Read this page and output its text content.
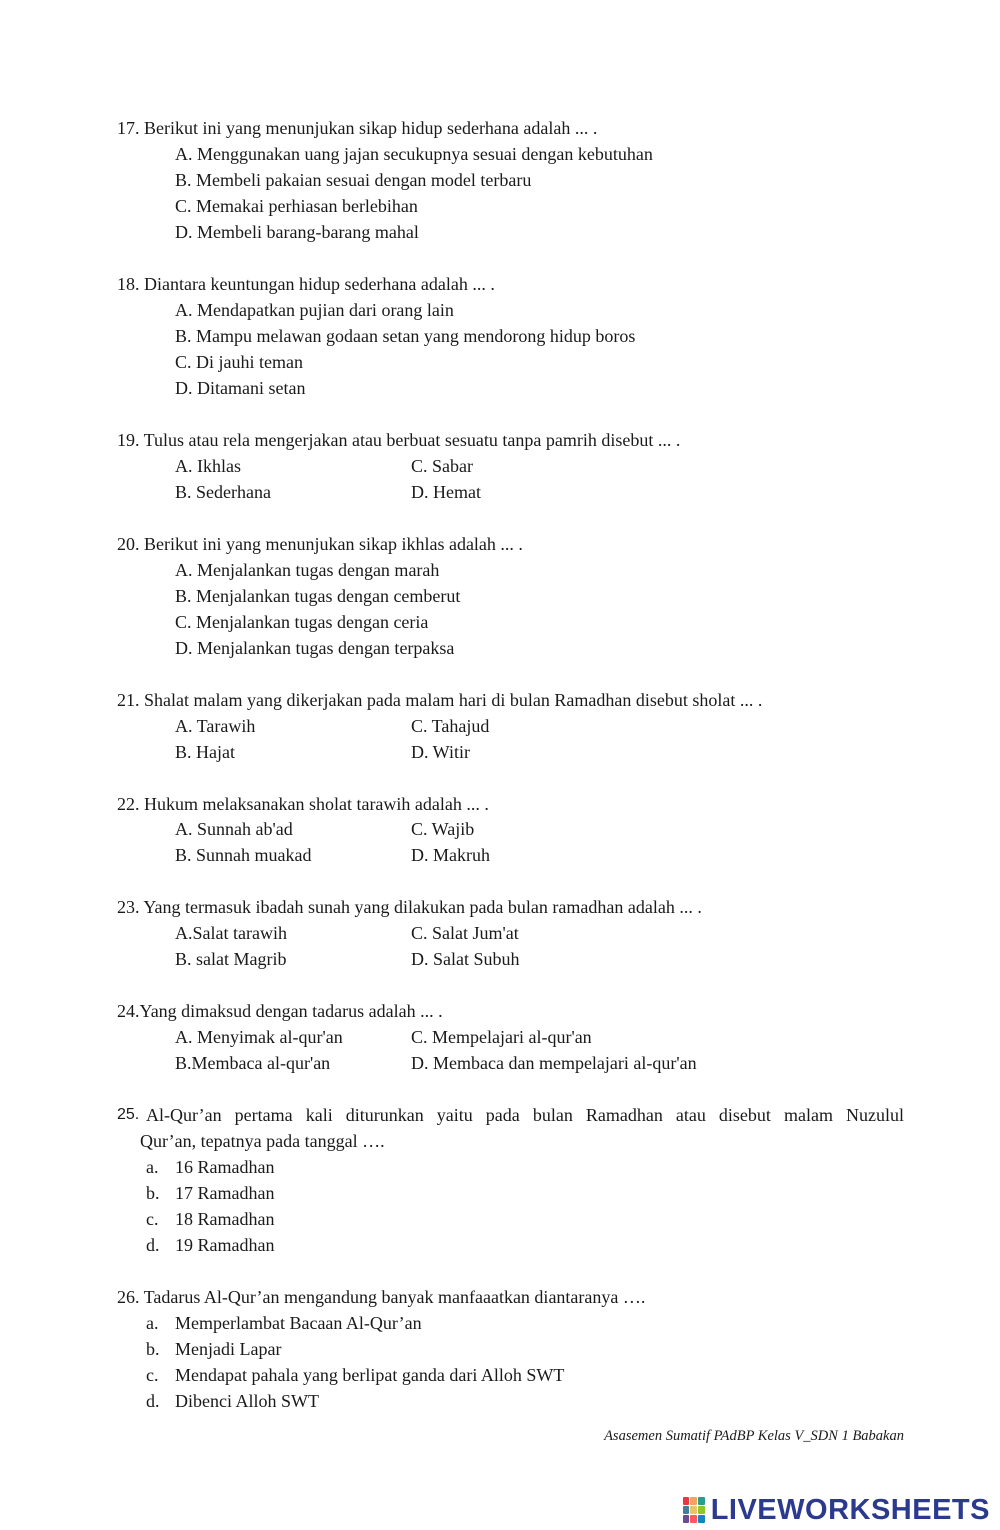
17. Berikut ini yang menunjukan sikap hidup sederhana adalah ... .
A. Menggunakan uang jajan secukupnya sesuai dengan kebutuhan
B. Membeli pakaian sesuai dengan model terbaru
C. Memakai perhiasan berlebihan
D. Membeli barang-barang mahal
18. Diantara keuntungan hidup sederhana adalah ... .
A. Mendapatkan pujian dari orang lain
B. Mampu melawan godaan setan yang mendorong hidup boros
C. Di jauhi teman
D. Ditamani setan
19. Tulus atau rela mengerjakan atau berbuat sesuatu tanpa pamrih disebut ... .
A. Ikhlas	C. Sabar
B. Sederhana	D. Hemat
20. Berikut ini yang menunjukan sikap ikhlas adalah ... .
A. Menjalankan tugas dengan marah
B. Menjalankan tugas dengan cemberut
C. Menjalankan tugas dengan ceria
D. Menjalankan tugas dengan terpaksa
21. Shalat malam yang dikerjakan pada malam hari di bulan Ramadhan disebut sholat ... .
A. Tarawih	C. Tahajud
B. Hajat	D. Witir
22. Hukum melaksanakan sholat tarawih adalah ... .
A. Sunnah ab'ad	C. Wajib
B. Sunnah muakad	D. Makruh
23. Yang termasuk ibadah sunah yang dilakukan pada bulan ramadhan adalah ... .
A.Salat tarawih	C. Salat Jum'at
B. salat Magrib	D. Salat Subuh
24.Yang dimaksud dengan tadarus adalah ... .
A. Menyimak al-qur'an	C. Mempelajari al-qur'an
B.Membaca al-qur'an	D. Membaca dan mempelajari al-qur'an
25. Al-Qur’an pertama kali diturunkan yaitu pada bulan Ramadhan atau disebut malam Nuzulul
Qur’an, tepatnya pada tanggal ….
a. 16 Ramadhan
b. 17 Ramadhan
c. 18 Ramadhan
d. 19 Ramadhan
26. Tadarus Al-Qur’an mengandung banyak manfaaatkan diantaranya ….
a. Memperlambat Bacaan Al-Qur’an
b. Menjadi Lapar
c. Mendapat pahala yang berlipat ganda dari Alloh SWT
d. Dibenci Alloh SWT
Asasemen Sumatif PAdBP Kelas V_SDN 1 Babakan
LIVEWORKSHEETS
